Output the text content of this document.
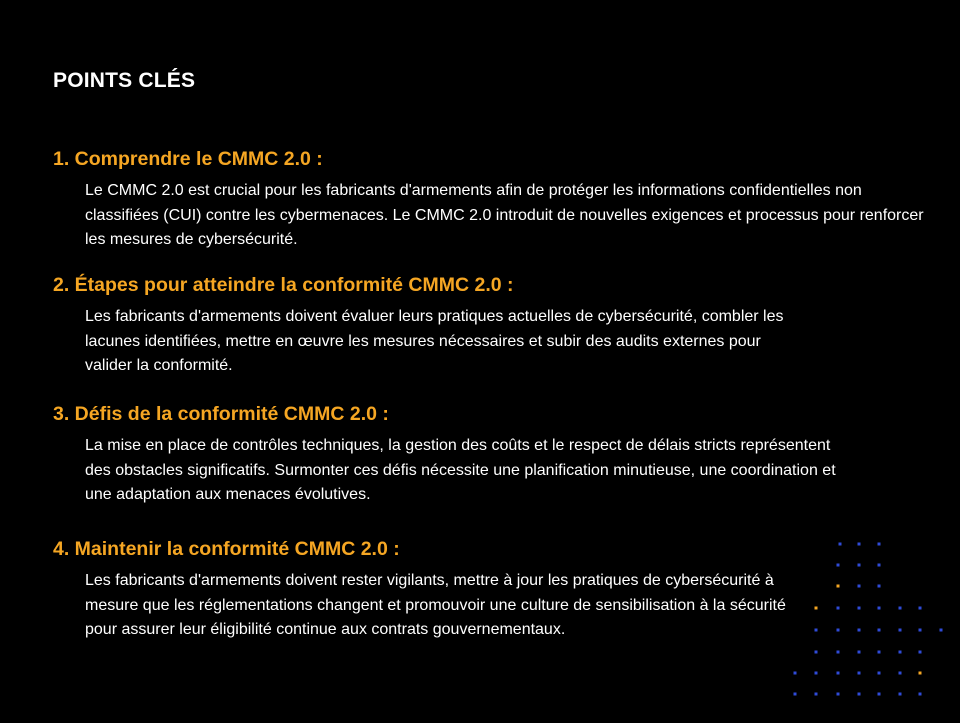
POINTS CLÉS
1. Comprendre le CMMC 2.0 :
Le CMMC 2.0 est crucial pour les fabricants d'armements afin de protéger les informations confidentielles non classifiées (CUI) contre les cybermenaces. Le CMMC 2.0 introduit de nouvelles exigences et processus pour renforcer les mesures de cybersécurité.
2. Étapes pour atteindre la conformité CMMC 2.0 :
Les fabricants d'armements doivent évaluer leurs pratiques actuelles de cybersécurité, combler les lacunes identifiées, mettre en œuvre les mesures nécessaires et subir des audits externes pour valider la conformité.
3. Défis de la conformité CMMC 2.0 :
La mise en place de contrôles techniques, la gestion des coûts et le respect de délais stricts représentent des obstacles significatifs. Surmonter ces défis nécessite une planification minutieuse, une coordination et une adaptation aux menaces évolutives.
4. Maintenir la conformité CMMC 2.0 :
Les fabricants d'armements doivent rester vigilants, mettre à jour les pratiques de cybersécurité à mesure que les réglementations changent et promouvoir une culture de sensibilisation à la sécurité pour assurer leur éligibilité continue aux contrats gouvernementaux.
